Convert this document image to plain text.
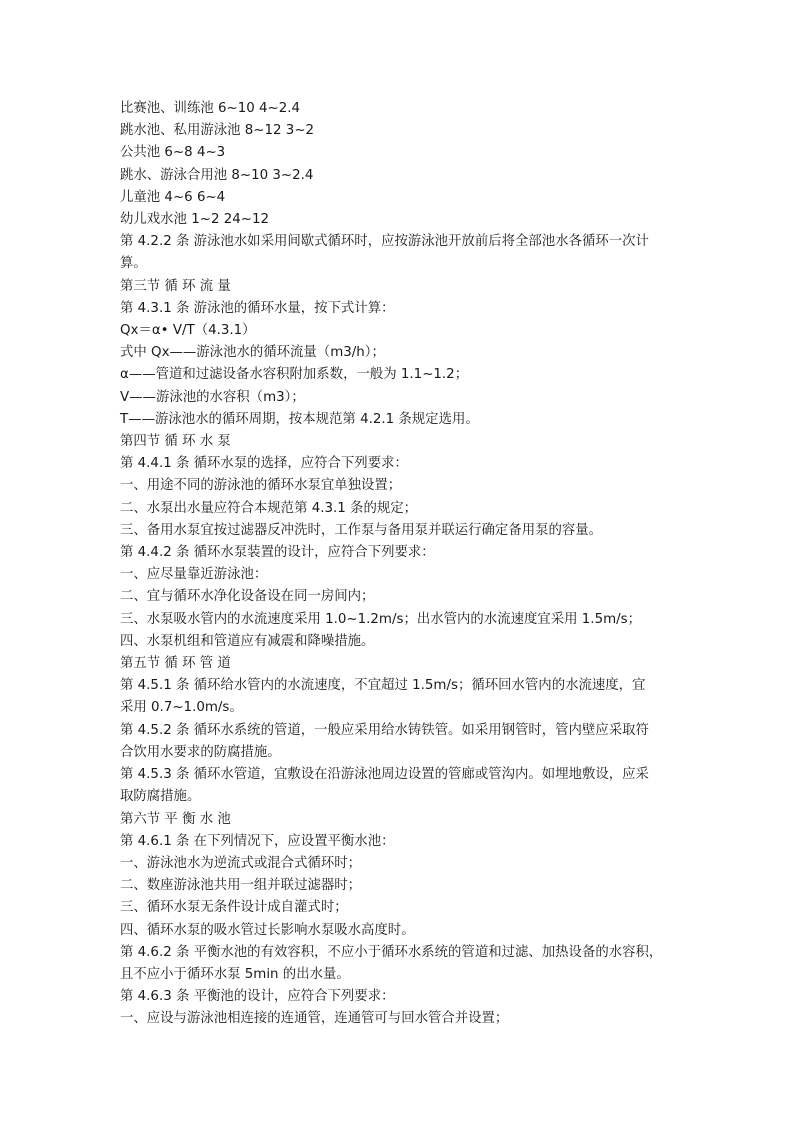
比赛池、训练池 6~10 4~2.4
跳水池、私用游泳池 8~12 3~2
公共池 6~8 4~3
跳水、游泳合用池 8~10 3~2.4
儿童池 4~6 6~4
幼儿戏水池 1~2 24~12
第 4.2.2 条 游泳池水如采用间歇式循环时，应按游泳池开放前后将全部池水各循环一次计
算。
第三节 循 环 流 量
第 4.3.1 条 游泳池的循环水量，按下式计算：
Qx＝α• V/T（4.3.1）
式中 Qx——游泳池水的循环流量（m3/h）；
α——管道和过滤设备水容积附加系数，一般为 1.1~1.2；
V——游泳池的水容积（m3）；
T——游泳池水的循环周期，按本规范第 4.2.1 条规定选用。
第四节 循 环 水 泵
第 4.4.1 条 循环水泵的选择，应符合下列要求：
一、用途不同的游泳池的循环水泵宜单独设置；
二、水泵出水量应符合本规范第 4.3.1 条的规定；
三、备用水泵宜按过滤器反冲洗时，工作泵与备用泵并联运行确定备用泵的容量。
第 4.4.2 条 循环水泵装置的设计，应符合下列要求：
一、应尽量靠近游泳池：
二、宜与循环水净化设备设在同一房间内；
三、水泵吸水管内的水流速度采用 1.0~1.2m/s；出水管内的水流速度宜采用 1.5m/s；
四、水泵机组和管道应有减震和降噪措施。
第五节 循 环 管 道
第 4.5.1 条 循环给水管内的水流速度，不宜超过 1.5m/s；循环回水管内的水流速度，宜
采用 0.7~1.0m/s。
第 4.5.2 条 循环水系统的管道，一般应采用给水铸铁管。如采用钢管时，管内壁应采取符
合饮用水要求的防腐措施。
第 4.5.3 条 循环水管道，宜敷设在沿游泳池周边设置的管廊或管沟内。如埋地敷设，应采
取防腐措施。
第六节 平 衡 水 池
第 4.6.1 条 在下列情况下，应设置平衡水池：
一、游泳池水为逆流式或混合式循环时；
二、数座游泳池共用一组并联过滤器时；
三、循环水泵无条件设计成自灌式时；
四、循环水泵的吸水管过长影响水泵吸水高度时。
第 4.6.2 条 平衡水池的有效容积，不应小于循环水系统的管道和过滤、加热设备的水容积，
且不应小于循环水泵 5min 的出水量。
第 4.6.3 条 平衡池的设计，应符合下列要求：
一、应设与游泳池相连接的连通管，连通管可与回水管合并设置；
